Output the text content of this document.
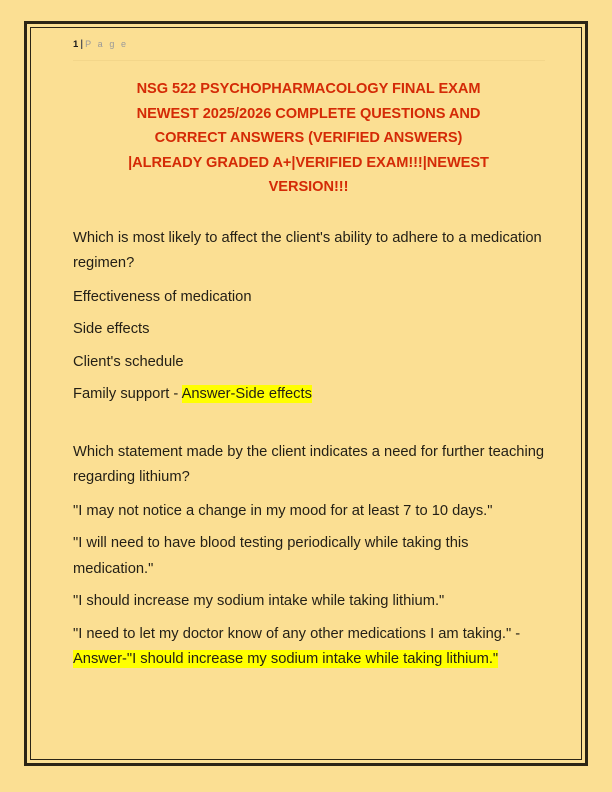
1 | P a g e
NSG 522 PSYCHOPHARMACOLOGY FINAL EXAM
NEWEST 2025/2026 COMPLETE QUESTIONS AND
CORRECT ANSWERS (VERIFIED ANSWERS)
|ALREADY GRADED A+|VERIFIED EXAM!!!|NEWEST
VERSION!!!
Which is most likely to affect the client's ability to adhere to a medication regimen?
Effectiveness of medication
Side effects
Client's schedule
Family support - Answer-Side effects
Which statement made by the client indicates a need for further teaching regarding lithium?
"I may not notice a change in my mood for at least 7 to 10 days."
"I will need to have blood testing periodically while taking this medication."
"I should increase my sodium intake while taking lithium."
"I need to let my doctor know of any other medications I am taking." - Answer-"I should increase my sodium intake while taking lithium."
